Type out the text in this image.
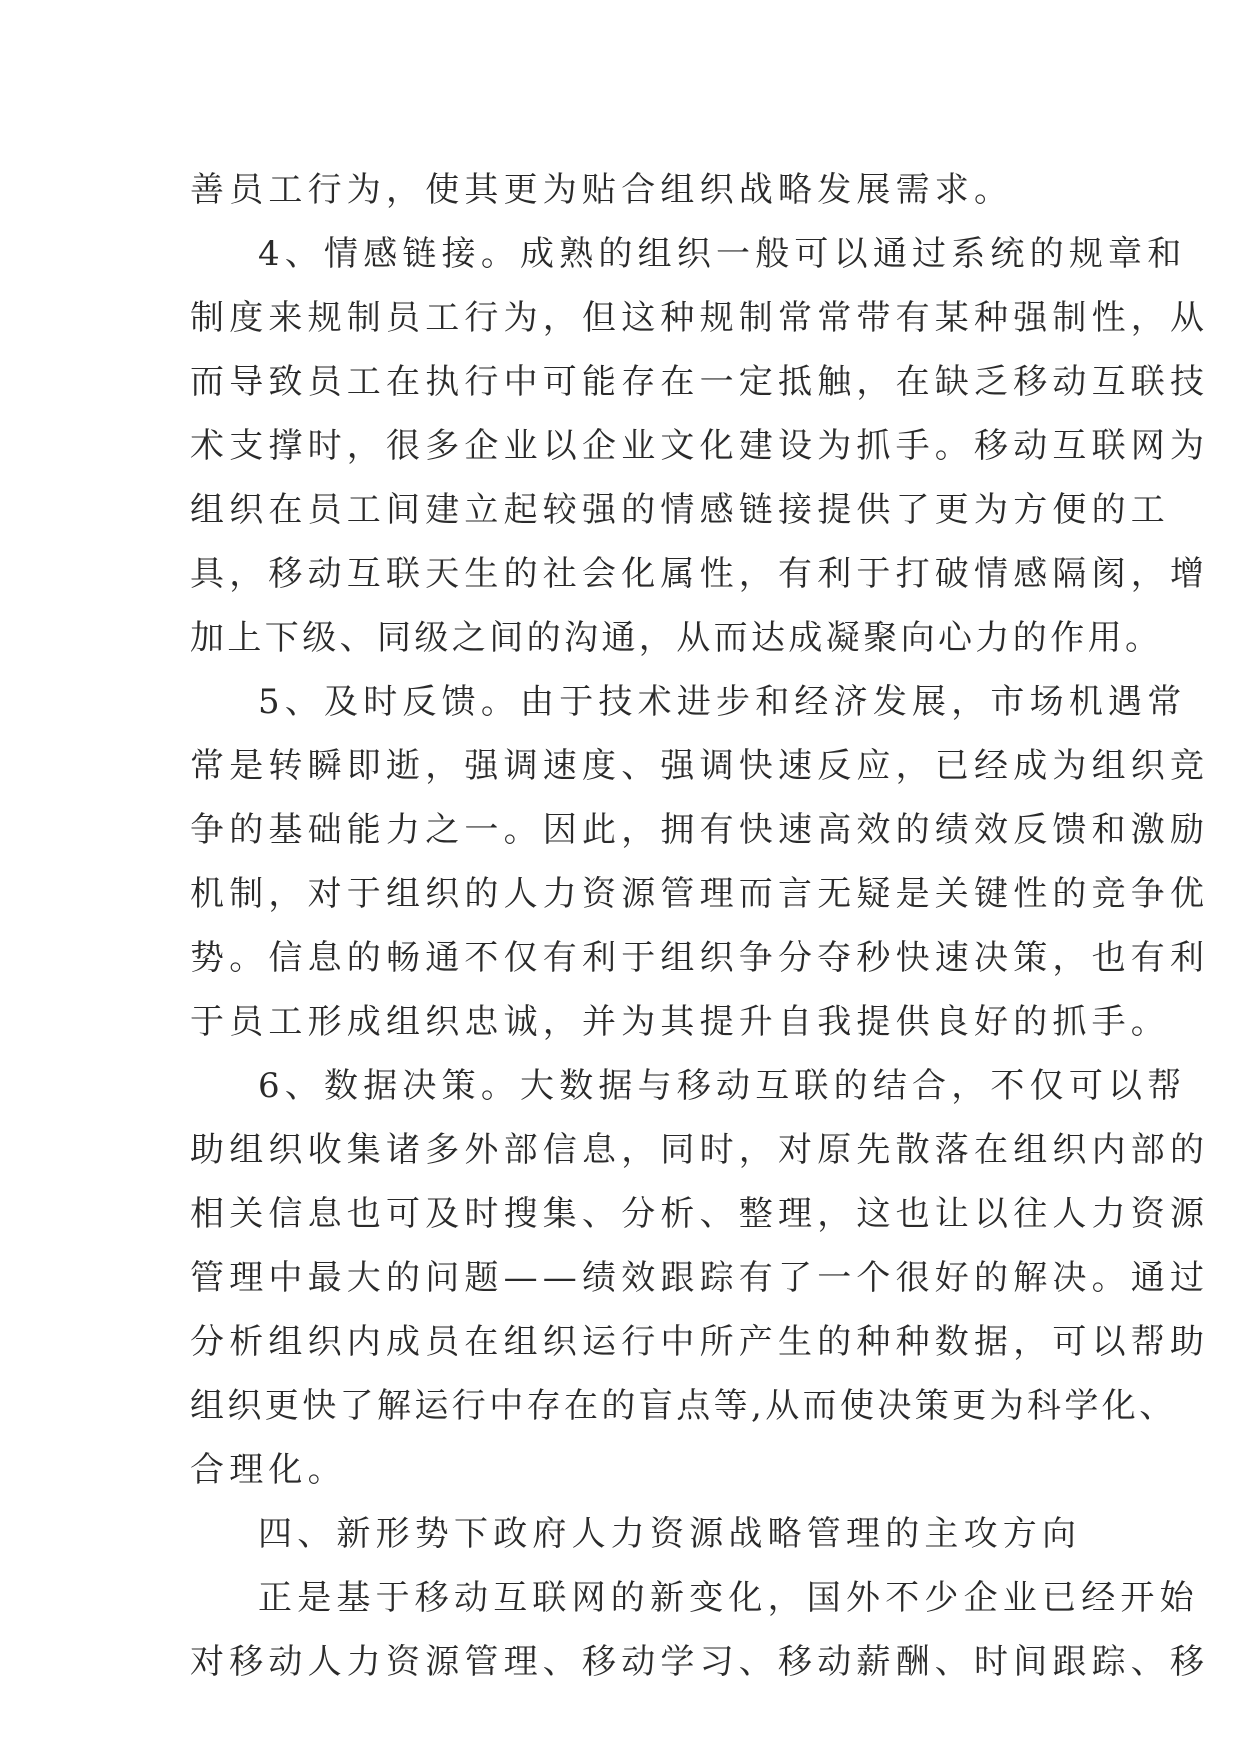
善员工行为，使其更为贴合组织战略发展需求。
4、情感链接。成熟的组织一般可以通过系统的规章和
制度来规制员工行为，但这种规制常常带有某种强制性，从
而导致员工在执行中可能存在一定抵触，在缺乏移动互联技
术支撑时，很多企业以企业文化建设为抓手。移动互联网为
组织在员工间建立起较强的情感链接提供了更为方便的工
具，移动互联天生的社会化属性，有利于打破情感隔阂，增
加上下级、同级之间的沟通，从而达成凝聚向心力的作用。
5、及时反馈。由于技术进步和经济发展，市场机遇常
常是转瞬即逝，强调速度、强调快速反应，已经成为组织竞
争的基础能力之一。因此，拥有快速高效的绩效反馈和激励
机制，对于组织的人力资源管理而言无疑是关键性的竞争优
势。信息的畅通不仅有利于组织争分夺秒快速决策，也有利
于员工形成组织忠诚，并为其提升自我提供良好的抓手。
6、数据决策。大数据与移动互联的结合，不仅可以帮
助组织收集诸多外部信息，同时，对原先散落在组织内部的
相关信息也可及时搜集、分析、整理，这也让以往人力资源
管理中最大的问题——绩效跟踪有了一个很好的解决。通过
分析组织内成员在组织运行中所产生的种种数据，可以帮助
组织更快了解运行中存在的盲点等,从而使决策更为科学化、
合理化。
四、新形势下政府人力资源战略管理的主攻方向
正是基于移动互联网的新变化，国外不少企业已经开始
对移动人力资源管理、移动学习、移动薪酬、时间跟踪、移
